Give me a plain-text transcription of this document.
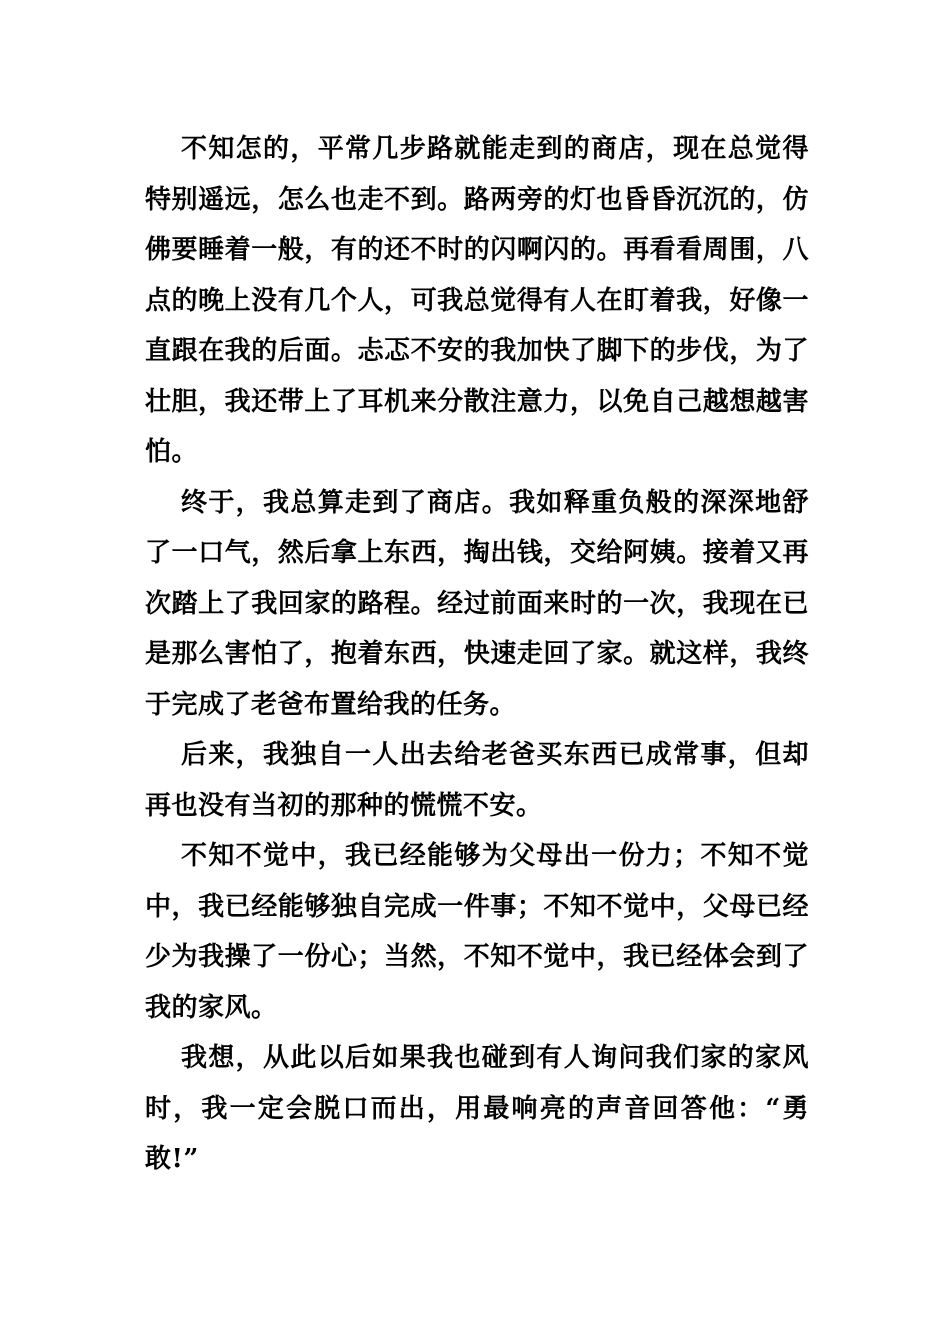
不知怎的，平常几步路就能走到的商店，现在总觉得特别遥远，怎么也走不到。路两旁的灯也昏昏沉沉的，仿佛要睡着一般，有的还不时的闪啊闪的。再看看周围，八点的晚上没有几个人，可我总觉得有人在盯着我，好像一直跟在我的后面。忐忑不安的我加快了脚下的步伐，为了壮胆，我还带上了耳机来分散注意力，以免自己越想越害怕。

终于，我总算走到了商店。我如释重负般的深深地舒了一口气，然后拿上东西，掏出钱，交给阿姨。接着又再次踏上了我回家的路程。经过前面来时的一次，我现在已是那么害怕了，抱着东西，快速走回了家。就这样，我终于完成了老爸布置给我的任务。

后来，我独自一人出去给老爸买东西已成常事，但却再也没有当初的那种的慌慌不安。

不知不觉中，我已经能够为父母出一份力；不知不觉中，我已经能够独自完成一件事；不知不觉中，父母已经少为我操了一份心；当然，不知不觉中，我已经体会到了我的家风。

我想，从此以后如果我也碰到有人询问我们家的家风时，我一定会脱口而出，用最响亮的声音回答他：“勇敢!”
